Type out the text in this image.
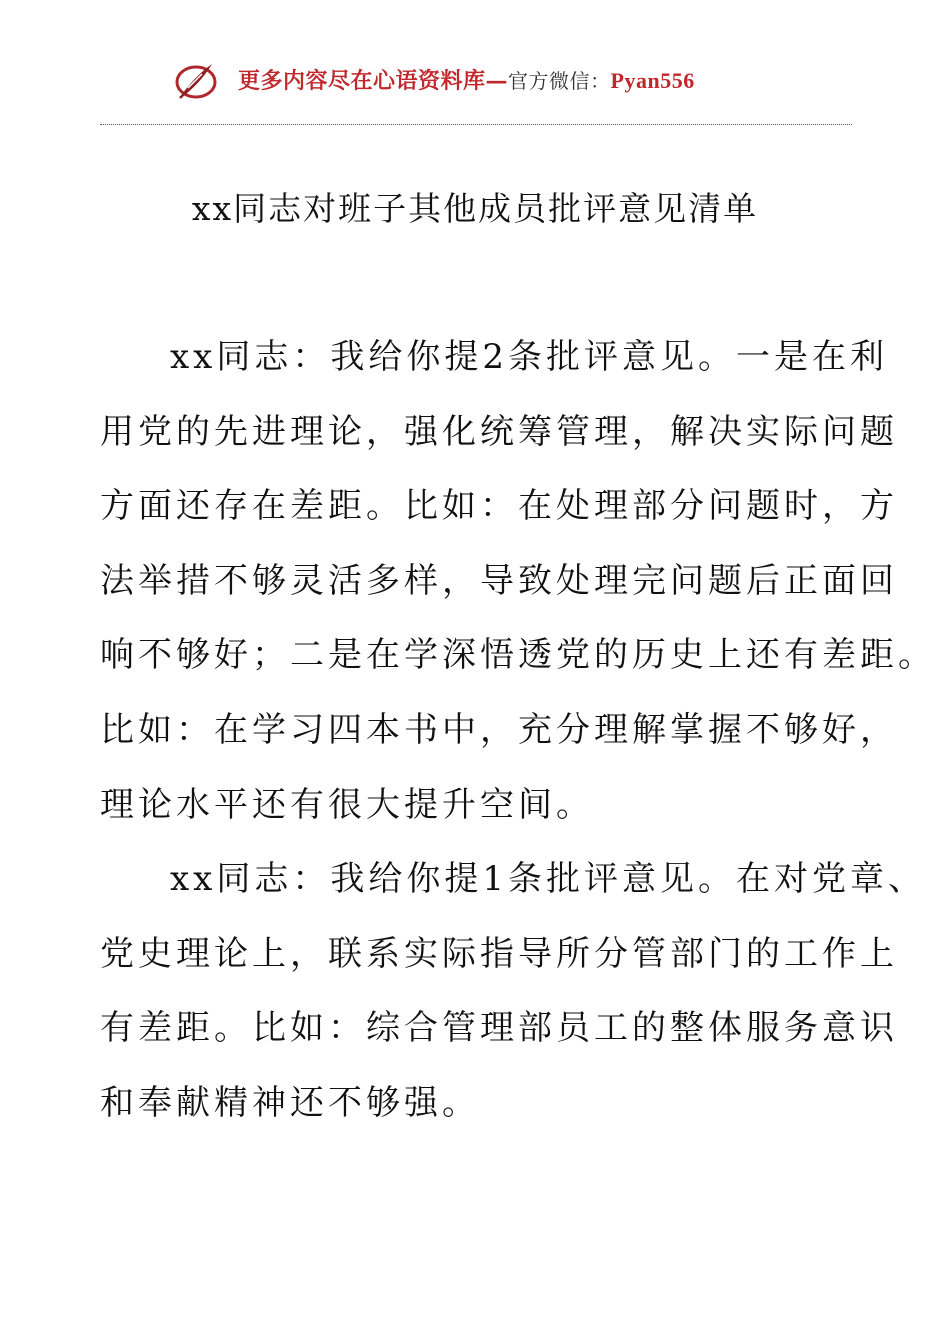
更多内容尽在心语资料库—官方微信：Pyan556
xx同志对班子其他成员批评意见清单

xx同志：我给你提2条批评意见。一是在利

用党的先进理论，强化统筹管理，解决实际问题
方面还存在差距。比如：在处理部分问题时，方
法举措不够灵活多样，导致处理完问题后正面回
响不够好；二是在学深悟透党的历史上还有差距。
比如：在学习四本书中，充分理解掌握不够好，
理论水平还有很大提升空间。

xx同志：我给你提1条批评意见。在对党章、

党史理论上，联系实际指导所分管部门的工作上
有差距。比如：综合管理部员工的整体服务意识
和奉献精神还不够强。
